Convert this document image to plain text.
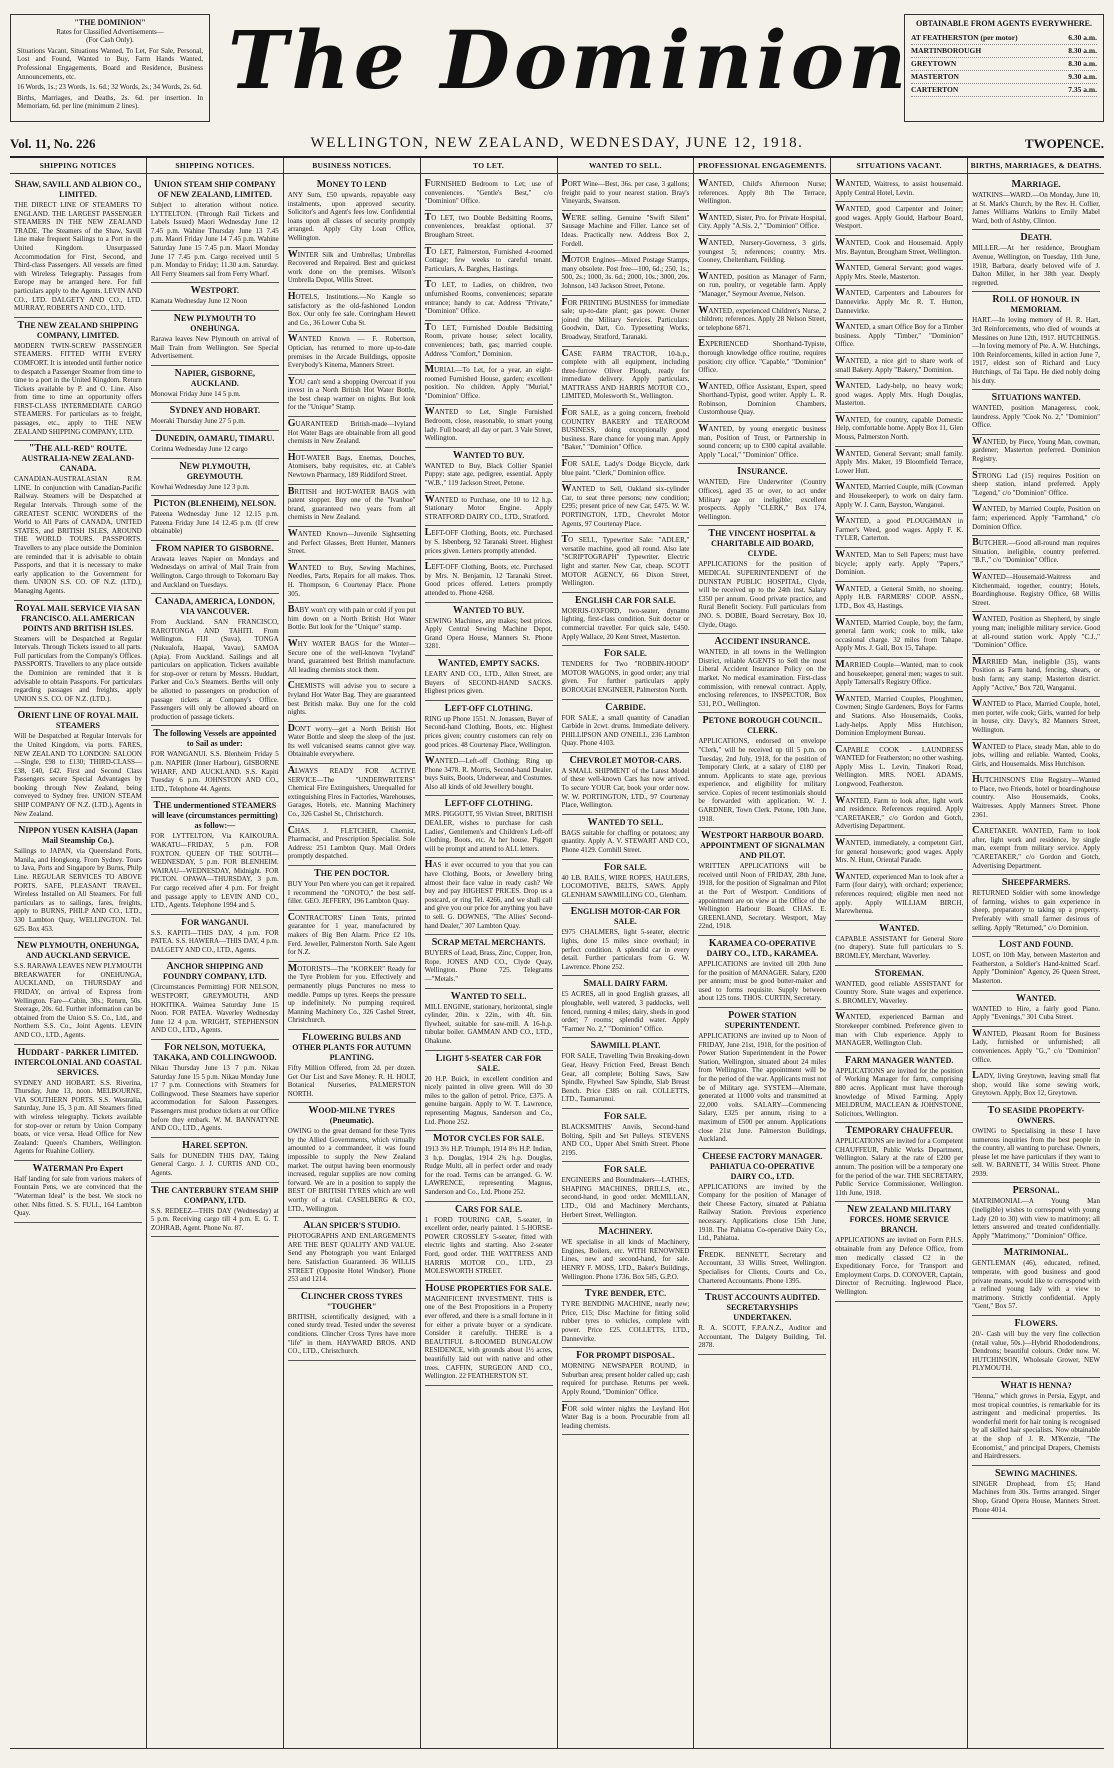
"THE DOMINION"
Rates for Classified Advertisements—
(For Cash Only).

Situations Vacant, Situations Wanted, To Let, For Sale, Personal, Lost and Found, Wanted to Buy, Farm Hands Wanted, Professional Engagements, Board and Residence, Business Announcements, etc.

16 Words, 1s.; 23 Words, 1s. 6d.; 32 Words, 2s.; 34 Words, 2s. 6d.

Births, Marriages, and Deaths, 2s. 6d. per insertion. In Memoriam, 6d. per line (minimum 2 lines).	The Dominion OBTAINABLE FROM AGENTS EVERYWHERE.
AT FEATHERSTON (per motor)	6.30 a.m.
MARTINBOROUGH	8.30 a.m.
GREYTOWN	8.30 a.m.
MASTERTON	9.30 a.m.
CARTERTON	7.35 a.m.
Vol. 11, No. 226	WELLINGTON, NEW ZEALAND, WEDNESDAY, JUNE 12, 1918.	TWOPENCE.
SHIPPING NOTICES
SHAW, SAVILL AND ALBION CO., LIMITED.
THE DIRECT LINE OF STEAMERS TO ENGLAND. THE LARGEST PASSENGER STEAMERS IN THE NEW ZEALAND TRADE. The Steamers of the Shaw, Savill Line make frequent Sailings to a Port in the United Kingdom. Unsurpassed Accommodation for First, Second, and Third-class Passengers. All vessels are fitted with Wireless Telegraphy. Passages from Europe may be arranged here. For full particulars apply to the Agents. LEVIN AND CO., LTD. DALGETY AND CO., LTD. MURRAY, ROBERTS AND CO., LTD.
THE NEW ZEALAND SHIPPING COMPANY, LIMITED.
MODERN TWIN-SCREW PASSENGER STEAMERS. FITTED WITH EVERY COMFORT. It is intended until further notice to despatch a Passenger Steamer from time to time to a port in the United Kingdom. Return Tickets available by P. and O. Line. Also from time to time an opportunity offers FIRST-CLASS INTERMEDIATE CARGO STEAMERS. For particulars as to freight, passages, etc., apply to THE NEW ZEALAND SHIPPING COMPANY, LTD.
"THE ALL-RED" ROUTE. AUSTRALIA-NEW ZEALAND-CANADA.
CANADIAN-AUSTRALASIAN R.M. LINE. In conjunction with Canadian-Pacific Railway. Steamers will be Despatched at Regular Intervals. Through some of the GREATEST SCENIC WONDERS of the World to All Parts of CANADA, UNITED STATES, and BRITISH ISLES, AROUND THE WORLD TOURS. PASSPORTS. Travellers to any place outside the Dominion are reminded that it is advisable to obtain Passports, and that it is necessary to make early application to the Government for them. UNION S.S. CO. OF N.Z. (LTD.), Managing Agents.
ROYAL MAIL SERVICE VIA SAN FRANCISCO. ALL AMERICAN POINTS AND BRITISH ISLES.
Steamers will be Despatched at Regular Intervals. Through Tickets issued to all parts. Full particulars from the Company's Offices. PASSPORTS. Travellers to any place outside the Dominion are reminded that it is advisable to obtain Passports. For particulars regarding passages and freights, apply UNION S.S. CO. OF N.Z. (LTD.).
ORIENT LINE OF ROYAL MAIL STEAMERS
Will be Despatched at Regular Intervals for the United Kingdom, via ports. FARES, NEW ZEALAND TO LONDON: SALOON—Single, £98 to £130; THIRD-CLASS—£38, £40, £42. First and Second Class Passengers secure Special Advantages by booking through New Zealand, being conveyed to Sydney free. UNION STEAM SHIP COMPANY OF N.Z. (LTD.), Agents in New Zealand.
NIPPON YUSEN KAISHA (Japan Mail Steamship Co.).
Sailings to JAPAN, via Queensland Ports, Manila, and Hongkong. From Sydney. Tours to Java, Ports and Singapore by Burns, Philp Line. REGULAR SERVICES TO ABOVE PORTS. SAFE, PLEASANT TRAVEL. Wireless Installed on All Steamers. For full particulars as to sailings, fares, freights, apply to BURNS, PHILP AND CO., LTD., 330 Lambton Quay, WELLINGTON. Tel. 625. Box 453.
NEW PLYMOUTH, ONEHUNGA, AND AUCKLAND SERVICE.
S.S. RARAWA LEAVES NEW PLYMOUTH BREAKWATER for ONEHUNGA, AUCKLAND, on THURSDAY and FRIDAY, on arrival of Express from Wellington. Fare—Cabin, 30s.; Return, 50s. Steerage, 20s. 6d. Further information can be obtained from the Union S.S. Co., Ltd., and Northern S.S. Co., Joint Agents. LEVIN AND CO., LTD., Agents.
HUDDART - PARKER LIMITED. INTERCOLONIAL AND COASTAL SERVICES.
SYDNEY AND HOBART. S.S. Riverina, Thursday, June 13, noon. MELBOURNE, VIA SOUTHERN PORTS. S.S. Westralia, Saturday, June 15, 3 p.m. All Steamers fitted with wireless telegraphy. Tickets available for stop-over or return by Union Company boats, or vice versa. Head Office for New Zealand: Queen's Chambers, Wellington. Agents for Ruahine Colliery.
WATERMAN Pro Expert
Half landing for sale from various makers of Fountain Pens, we are convinced that the "Waterman Ideal" is the best. We stock no other. Nibs fitted. S. S. FULL, 164 Lambton Quay.
SHIPPING NOTICES.
UNION STEAM SHIP COMPANY OF NEW ZEALAND, LIMITED.
Subject to alteration without notice. LYTTELTON. (Through Rail Tickets and Labels Issued) Maori Wednesday June 12 7.45 p.m. Wahine Thursday June 13 7.45 p.m. Maori Friday June 14 7.45 p.m. Wahine Saturday June 15 7.45 p.m. Maori Monday June 17 7.45 p.m. Cargo received until 5 p.m. Monday to Friday; 11.30 a.m. Saturday. All Ferry Steamers sail from Ferry Wharf.
WESTPORT.
Kamata Wednesday June 12 Noon
NEW PLYMOUTH TO ONEHUNGA.
Rarawa leaves New Plymouth on arrival of Mail Train from Wellington. See Special Advertisement.
NAPIER, GISBORNE, AUCKLAND.
Monowai Friday June 14 5 p.m.
SYDNEY AND HOBART.
Moeraki Thursday June 27 5 p.m.
DUNEDIN, OAMARU, TIMARU.
Corinna Wednesday June 12 cargo
NEW PLYMOUTH, GREYMOUTH.
Kowhai Wednesday June 12 3 p.m.
PICTON (BLENHEIM), NELSON.
Pateena Wednesday June 12 12.15 p.m. Pateena Friday June 14 12.45 p.m. (If crew obtainable)
FROM NAPIER TO GISBORNE.
Arawata leaves Napier on Mondays and Wednesdays on arrival of Mail Train from Wellington. Cargo through to Tokomaru Bay and Auckland on Tuesdays.
CANADA, AMERICA, LONDON, VIA VANCOUVER.
From Auckland. SAN FRANCISCO, RAROTONGA AND TAHITI. From Wellington. FIJI (Suva), TONGA (Nukualofa, Haapai, Vavau), SAMOA (Apia). From Auckland. Sailings and all particulars on application. Tickets available for stop-over or return by Messrs. Huddart, Parker and Co.'s Steamers. Berths will only be allotted to passengers on production of passage tickets at Company's Office. Passengers will only be allowed aboard on production of passage tickets.
The following Vessels are appointed to Sail as under:
FOR WANGANUI. S.S. Blenheim Friday 5 p.m. NAPIER (Inner Harbour), GISBORNE WHARF, AND AUCKLAND. S.S. Kapiti Tuesday 6 p.m. JOHNSTON AND CO., LTD., Telephone 44. Agents.
THE undermentioned STEAMERS will leave (circumstances permitting) as follow:—
FOR LYTTELTON, Via KAIKOURA. WAKATU—FRIDAY, 5 p.m. FOR FOXTON. QUEEN OF THE SOUTH—WEDNESDAY, 5 p.m. FOR BLENHEIM. WAIRAU—WEDNESDAY, Midnight. FOR PICTON. OPAWA—THURSDAY, 3 p.m. For cargo received after 4 p.m. For freight and passage apply to LEVIN AND CO., LTD., Agents. Telephone 1994 and 5.
FOR WANGANUI.
S.S. KAPITI—THIS DAY, 4 p.m. FOR PATEA. S.S. HAWERA—THIS DAY, 4 p.m. DALGETY AND CO., LTD., Agents.
ANCHOR SHIPPING AND FOUNDRY COMPANY, LTD.
(Circumstances Permitting) FOR NELSON, WESTPORT, GREYMOUTH, AND HOKITIKA. Waimea Saturday June 15 Noon. FOR PATEA. Waverley Wednesday June 12 4 p.m. WRIGHT, STEPHENSON AND CO., LTD., Agents.
FOR NELSON, MOTUEKA, TAKAKA, AND COLLINGWOOD.
Nikau Thursday June 13 7 p.m. Nikau Saturday June 15 5 p.m. Nikau Monday June 17 7 p.m. Connections with Steamers for Collingwood. These Steamers have superior accommodation for Saloon Passengers. Passengers must produce tickets at our Office before they embark. W. M. BANNATYNE AND CO., LTD., Agents.
HAREL SEPTON.
Sails for DUNEDIN THIS DAY, Taking General Cargo. J. J. CURTIS AND CO., Agents.
THE CANTERBURY STEAM SHIP COMPANY, LTD.
S.S. REDEEZ—THIS DAY (Wednesday) at 5 p.m. Receiving cargo till 4 p.m. E. G. T. ZOHRAB, Agent. Phone No. 87.
BUSINESS NOTICES.
MONEY TO LEND
ANY Sum, £50 upwards, repayable easy instalments, upon approved security. Solicitor's and Agent's fees low. Confidential loans upon all classes of security promptly arranged. Apply City Loan Office, Wellington.
WINTER Silk and Umbrellas; Umbrellas Recovered and Repaired. Best and quickest work done on the premises. Wilson's Umbrella Depot, Willis Street.
HOTELS, Institutions.—No Kangle so satisfactory as the old-fashioned London Box. Our only fee sale. Corringham Hewett and Co., 36 Lower Cuba St.
WANTED Known — F. Robertson, Optician, has returned to more up-to-date premises in the Arcade Buildings, opposite Everybody's Kinema, Manners Street.
YOU can't send a shopping Overcoat if you invest in a North British Hot Water Bottle, the best cheap warmer on nights. But look for the "Unique" Stamp.
GUARANTEED British-made—Ivyland Hot Water Bags are obtainable from all good chemists in New Zealand.
HOT-WATER Bags, Enemas, Douches, Atomisers, baby requisites, etc. at Cable's Newtown Pharmacy, 189 Riddiford Street.
BRITISH and HOT-WATER BAGS with patent stopper. Buy one of the "Ivanhoe" brand, guaranteed two years from all chemists in New Zealand.
WANTED Known—Juvenile Sightsetting and Perfect Glasses, Brett Hunter, Manners Street.
WANTED to Buy, Sewing Machines, Needles, Parts, Repairs for all makes. Thos. H. Thompson, 6 Courtenay Place. Phone 305.
BABY won't cry with pain or cold if you put him down on a North British Hot Water Bottle. But look for the "Unique" stamp.
WHY WATER BAGS for the Winter—Secure one of the well-known "Ivyland" brand, guaranteed best British manufacture. All leading chemists stock them.
CHEMISTS will advise you to secure a Ivyland Hot Water Bag. They are guaranteed best British make. Buy one for the cold nights.
DON'T worry—get a North British Hot Water Bottle and sleep the sleep of the just. Its well vulcanised seams cannot give way. Obtainable everywhere.
ALWAYS READY FOR ACTIVE SERVICE—The "UNDERWRITERS" Chemical Fire Extinguishers, Unequalled for extinguishing Fires in Factories, Warehouses, Garages, Hotels, etc. Manning Machinery Co., 326 Cashel St., Christchurch.
CHAS. J. FLETCHER, Chemist, Pharmacist, and Prescription Specialist. Sole Address: 251 Lambton Quay. Mail Orders promptly despatched.
THE PEN DOCTOR.
BUY Your Pen where you can get it repaired. I recommend the "ONOTO," the best self-filler. GEO. JEFFERY, 196 Lambton Quay.
CONTRACTORS' Linen Tents, printed guarantee for 1 year, manufactured by makers of Big Ben Alarm. Price £2 10s. Ferd. Jeweller, Palmerston North. Sale Agent for N.Z.
MOTORISTS—The "KORKER" Ready for the Tyre Problem for you. Effectively and permanently plugs Punctures no mess to meddle. Pumps up tyres. Keeps the pressure up indefinitely. No pumping required. Manning Machinery Co., 326 Cashel Street, Christchurch.
FLOWERING BULBS AND OTHER PLANTS FOR AUTUMN PLANTING.
Fifty Million Offered, from 2d. per dozen. Get Our List and Save Money. R. H. HOLT, Botanical Nurseries, PALMERSTON NORTH.
WOOD-MILNE TYRES (Pneumatic).
OWING to the great demand for these Tyres by the Allied Governments, which virtually amounted to a commandeer, it was found impossible to supply the New Zealand market. The output having been enormously increased, regular supplies are now coming forward. We are in a position to supply the BEST OF BRITISH TYRES which are well worthy of a trial. CASELBERG & CO., LTD., Wellington.
ALAN SPICER'S STUDIO.
PHOTOGRAPHS AND ENLARGEMENTS ARE THE BEST QUALITY AND VALUE. Send any Photograph you want Enlarged here. Satisfaction Guaranteed. 36 WILLIS STREET (Opposite Hotel Windsor). Phone 253 and 1214.
CLINCHER CROSS TYRES "TOUGHER"
BRITISH, scientifically designed, with a coned sturdy tread. Tested under the severest conditions. Clincher Cross Tyres have more "life" in them. HAYWARD BROS. AND CO., LTD., Christchurch.
TO LET.
FURNISHED Bedroom to Let; use of conveniences. "Gentle's Best," c/o "Dominion" Office.
TO LET, two Double Bedsitting Rooms, conveniences, breakfast optional. 37 Brougham Street.
TO LET, Palmerston, Furnished 4-roomed Cottage; few weeks to careful tenant. Particulars, A. Barghes, Hastings.
TO LET, to Ladies, on children, two unfurnished Rooms, conveniences; separate entrance; handy to car. Address "Private," "Dominion" Office.
TO LET, Furnished Double Bedsitting Room, private house; select locality, conveniences; bath, gas; married couple. Address "Comfort," Dominion.
MURIAL—To Let, for a year, an eight-roomed Furnished House, garden; excellent position. No children. Apply "Murial," "Dominion" Office.
WANTED to Let, Single Furnished Bedroom, close, reasonable, to smart young lady. Full board; all day or part. 3 Vale Street, Wellington.
WANTED TO BUY.
WANTED to Buy, Black Collier Spaniel Puppy; state age, pedigree, essential. Apply "W.B.," 119 Jackson Street, Petone.
WANTED to Purchase, one 10 to 12 h.p. Stationary Motor Engine. Apply STRATFORD DAIRY CO., LTD., Stratford.
LEFT-OFF Clothing, Boots, etc. Purchased by S. Isbenberg, 92 Taranaki Street. Highest prices given. Letters promptly attended.
LEFT-OFF Clothing, Boots, etc. Purchased by Mrs. N. Benjamin, 12 Taranaki Street. Good prices offered. Letters promptly attended to. Phone 4268.
WANTED TO BUY.
SEWING Machines, any makes; best prices. Apply Central Sewing Machine Depot, Grand Opera House, Manners St. Phone 3281.
WANTED, EMPTY SACKS.
LEARY AND CO., LTD., Allen Street, are Buyers of SECOND-HAND SACKS. Highest prices given.
LEFT-OFF CLOTHING.
RING up Phone 1551. N. Jonassen, Buyer of Second-hand Clothing, Boots, etc. Highest prices given; country customers can rely on good prices. 48 Courtenay Place, Wellington.
WANTED—Left-off Clothing; Ring up Phone 3478. R. Morris, Second-hand Dealer, buys Suits, Boots, Underwear, and Costumes. Also all kinds of old Jewellery bought.
LEFT-OFF CLOTHING.
MRS. PIGGOTT, 95 Vivian Street, BRITISH DEALER, wishes to purchase for cash Ladies', Gentlemen's and Children's Left-off Clothing, Boots, etc. At her house. Piggott will be prompt and attend to ALL letters.
HAS it ever occurred to you that you can have Clothing, Boots, or Jewellery bring almost their face value in ready cash? We buy and pay HIGHEST PRICES. Drop us a postcard, or ring Tel. 4266, and we shall call and give you our price for anything you have to sell. G. DOWNES, "The Allies' Second-hand Dealer," 307 Lambton Quay.
SCRAP METAL MERCHANTS.
BUYERS of Lead, Brass, Zinc, Copper, Iron, Rope. JONES AND CO., Clyde Quay, Wellington. Phone 725. Telegrams—"Metals."
WANTED TO SELL.
MILL ENGINE, stationary, horizontal, single cylinder, 20in. x 22in., with 4ft. 6in. flywheel, suitable for saw-mill. A 16-h.p. tubular boiler. GAMMAN AND CO., LTD., Ohakune.
LIGHT 5-SEATER CAR FOR SALE.
20 H.P. Buick, in excellent condition and nicely painted in olive green. Will do 30 miles to the gallon of petrol. Price, £375. A genuine bargain. Apply to W. T. Lawrence, representing Magnus, Sanderson and Co., Ltd. Phone 252.
MOTOR CYCLES FOR SALE.
1913 3½ H.P. Triumph, 1914 8½ H.P. Indian, 3 h.p. Douglas, 1914 2¾ h.p. Douglas, Rudge Multi, all in perfect order and ready for the road. Terms can be arranged. G. W. LAWRENCE, representing Magnus, Sanderson and Co., Ltd. Phone 252.
CARS FOR SALE.
1 FORD TOURING CAR, 5-seater, in excellent order, nearly painted. 1 5-HORSE-POWER CROSSLEY 5-seater, fitted with electric lights and starting. Also 2-seater Ford, good order. THE WATTRESS AND HARRIS MOTOR CO., LTD., 23 MOLESWORTH STREET.
HOUSE PROPERTIES FOR SALE.
MAGNIFICENT INVESTMENT. THIS is one of the Best Propositions in a Property ever offered, and there is a small fortune in it for either a private buyer or a syndicate. Consider it carefully. THERE is a BEAUTIFUL 8-ROOMED BUNGALOW RESIDENCE, with grounds about 1½ acres, beautifully laid out with native and other trees. CAFFIN, SURGEON AND CO., Wellington. 22 FEATHERSTON ST.
WANTED TO SELL.
PORT Wine—Best, 36s. per case, 3 gallons; freight paid to your nearest station. Bray's Vineyards, Swanson.
WE'RE selling, Genuine "Swift Silent" Sausage Machine and Filler. Lance set of Ideas. Practically new. Address Box 2, Fordell.
MOTOR Engines—Mixed Postage Stamps, many obsolete. Post free—100, 6d.; 250, 1s.; 500, 2s.; 1000, 3s. 6d.; 2000, 10s.; 3000, 20s. Johnson, 143 Jackson Street, Petone.
FOR PRINTING BUSINESS for immediate sale; up-to-date plant; gas power. Owner joined the Military Services. Particulars: Goodwin, Dart, Co. Typesetting Works, Broadway, Stratford, Taranaki.
CASE FARM TRACTOR, 10-h.p., complete with all equipment, including three-furrow Oliver Plough, ready for immediate delivery. Apply particulars, MATTRASS AND HARRIS MOTOR CO., LIMITED, Molesworth St., Wellington.
FOR SALE, as a going concern, freehold COUNTRY BAKERY and TEAROOM BUSINESS, doing exceptionally good business. Rare chance for young man. Apply "Baker," "Dominion" Office.
FOR SALE, Lady's Dodge Bicycle, dark blue paint. "Clerk," Dominion office.
WANTED to Sell, Oakland six-cylinder Car, to seat three persons; new condition; £295; present price of new Car, £475. W. W. PORTINGTON, LTD., Chevrolet Motor Agents, 97 Courtenay Place.
TO SELL, Typewriter Sale: "ADLER," versatile machine, good all round. Also late "SCRIPTOGRAPH" Typewriter. Electric light and starter. New Car, cheap. SCOTT MOTOR AGENCY, 66 Dixon Street, Wellington.
ENGLISH CAR FOR SALE.
MORRIS-OXFORD, two-seater, dynamo lighting, first-class condition. Suit doctor or commercial traveller. For quick sale, £450. Apply Wallace, 20 Kent Street, Masterton.
FOR SALE.
TENDERS for Two "ROBBIN-HOOD" MOTOR WAGONS, in good order; any trial given. For further particulars apply BOROUGH ENGINEER, Palmerston North.
CARBIDE.
FOR SALE, a small quantity of Canadian Carbide in 2cwt. drums. Immediate delivery. PHILLIPSON AND O'NEILL, 236 Lambton Quay. Phone 4103.
CHEVROLET MOTOR-CARS.
A SMALL SHIPMENT of the Latest Model of these well-known Cars has now arrived. To secure YOUR Car, book your order now. W. W. PORTINGTON, LTD., 97 Courtenay Place, Wellington.
WANTED TO SELL.
BAGS suitable for chaffing or potatoes; any quantity. Apply A. V. STEWART AND CO., Phone 4129. Cornhill Street.
FOR SALE.
40 LB. RAILS, WIRE ROPES, HAULERS, LOCOMOTIVE, BELTS, SAWS. Apply GLENHAM SAWMILLING CO., Glenham.
ENGLISH MOTOR-CAR FOR SALE.
£975 CHALMERS, light 5-seater, electric lights, done 15 miles since overhaul; in perfect condition. A splendid car in every detail. Further particulars from G. W. Lawrence. Phone 252.
SMALL DAIRY FARM.
£5 ACRES, all in good English grasses, all ploughable, well watered, 3 paddocks, well fenced, running 4 miles; dairy, sheds in good order; 7 rooms; splendid water. Apply "Farmer No. 2," "Dominion" Office.
SAWMILL PLANT.
FOR SALE, Travelling Twin Breaking-down Gear, Heavy Friction Feed, Breast Bench Gear, all complete; Bolting Saws, Saw Spindle, Flywheel Saw Spindle, Slab Breast Bench. Price £385 on rail. COLLETTS, LTD., Taumarunui.
FOR SALE.
BLACKSMITHS' Anvils, Second-hand Bolting, Spilt and Set Pulleys. STEVENS AND CO., Upper Abel Smith Street. Phone 2195.
FOR SALE.
ENGINEERS and Boundmakers—LATHES, SHAPING MACHINES, DRILLS, etc., second-hand, in good order. McMILLAN, LTD., Old and Machinery Merchants, Herbert Street, Wellington.
MACHINERY.
WE specialise in all kinds of Machinery, Engines, Boilers, etc. WITH RENOWNED Lines, new and second-hand, for sale. HENRY F. MOSS, LTD., Baker's Buildings, Wellington. Phone 1736. Box 585, G.P.O.
TYRE BENDER, ETC.
TYRE BENDING MACHINE, nearly new; Price, £15; Disc Machine for fitting solid rubber tyres to vehicles, complete with power. Price £25. COLLETTS, LTD., Dannevirke.
FOR PROMPT DISPOSAL.
MORNING NEWSPAPER ROUND, in Suburban area; present holder called up; cash required for purchase. Returns per week. Apply Round, "Dominion" Office.
FOR sold winter nights the Leyland Hot Water Bag is a boon. Procurable from all leading chemists.
PROFESSIONAL ENGAGEMENTS.
WANTED, Child's Afternoon Nurse; references. Apply 8th The Terrace, Wellington.
WANTED, Sister, Pro. for Private Hospital, City. Apply "A.Sis. 2," "Dominion" Office.
WANTED, Nursery-Governess, 3 girls, youngest 5; references; country. Mrs. Cooney, Cheltenham, Feilding.
WANTED, position as Manager of Farm, on run, poultry, or vegetable farm. Apply "Manager," Seymour Avenue, Nelson.
WANTED, experienced Children's Nurse, 2 children; references. Apply 28 Nelson Street, or telephone 6871.
EXPERIENCED Shorthand-Typiste, thorough knowledge office routine, requires position; city office. "Capable," "Dominion" Office.
WANTED, Office Assistant, Expert, speed Shorthand-Typist, good writer. Apply L. R. Robinson, Dominion Chambers, Customhouse Quay.
WANTED, by young energetic business man, Position of Trust, or Partnership in sound concern; up to £300 capital available. Apply "Local," "Dominion" Office.
INSURANCE.
WANTED, Fire Underwriter (Country Offices), aged 35 or over, to act under Military age or ineligible; excellent prospects. Apply "CLERK," Box 174, Wellington.
THE VINCENT HOSPITAL & CHARITABLE AID BOARD, CLYDE.
APPLICATIONS for the position of MEDICAL SUPERINTENDENT of the DUNSTAN PUBLIC HOSPITAL, Clyde, will be received up to the 24th inst. Salary £350 per annum. Good private practice, and Rural Benefit Society. Full particulars from JNO. S. DOBIE, Board Secretary, Box 10, Clyde, Otago.
ACCIDENT INSURANCE.
WANTED, in all towns in the Wellington District, reliable AGENTS to Sell the most Liberal Accident Insurance Policy on the market. No medical examination. First-class commission, with renewal contract. Apply, enclosing references, to INSPECTOR, Box 531, P.O., Wellington.
PETONE BOROUGH COUNCIL. CLERK.
APPLICATIONS, endorsed on envelope "Clerk," will be received up till 5 p.m. on Tuesday, 2nd July, 1918, for the position of Temporary Clerk, at a salary of £180 per annum. Applicants to state age, previous experience, and eligibility for military service. Copies of recent testimonials should be forwarded with application. W. J. GARDNER, Town Clerk. Petone, 10th June, 1918.
WESTPORT HARBOUR BOARD. APPOINTMENT OF SIGNALMAN AND PILOT.
WRITTEN APPLICATIONS will be received until Noon of FRIDAY, 28th June, 1918, for the position of Signalman and Pilot at the Port of Westport. Conditions of appointment are on view at the Office of the Wellington Harbour Board. CHAS. E. GREENLAND, Secretary. Westport, May 22nd, 1918.
KARAMEA CO-OPERATIVE DAIRY CO., LTD., KARAMEA.
APPLICATIONS are invited till 20th June for the position of MANAGER. Salary, £200 per annum; must be good butter-maker and used to forms requisite. Supply between about 125 tons. THOS. CURTIN, Secretary.
POWER STATION SUPERINTENDENT.
APPLICATIONS are invited up to Noon of FRIDAY, June 21st, 1918, for the position of Power Station Superintendent in the Power Station, Wellington, situated about 24 miles from Wellington. The appointment will be for the period of the war. Applicants must not be of Military age. SYSTEM—Alternate, generated at 11000 volts and transmitted at 22,000 volts. SALARY—Commencing Salary, £325 per annum, rising to a maximum of £500 per annum. Applications close 21st June. Palmerston Buildings, Auckland.
CHEESE FACTORY MANAGER. PAHIATUA CO-OPERATIVE DAIRY CO., LTD.
APPLICATIONS are invited by the Company for the position of Manager of their Cheese Factory, situated at Pahiatua Railway Station. Previous experience necessary. Applications close 15th June, 1918. The Pahiatua Co-operative Dairy Co., Ltd., Pahiatua.
FREDK. BENNETT, Secretary and Accountant, 33 Willis Street, Wellington. Specialises for Clients, Courts and Co., Chartered Accountants. Phone 1395.
TRUST ACCOUNTS AUDITED. SECRETARYSHIPS UNDERTAKEN.
R. A. SCOTT, F.P.A.N.Z., Auditor and Accountant, The Dalgety Building, Tel. 2878.
SITUATIONS VACANT.
WANTED, Waitress, to assist housemaid. Apply Central Hotel, Levin.
WANTED, good Carpenter and Joiner; good wages. Apply Gould, Harbour Board, Westport.
WANTED, Cook and Housemaid. Apply Mrs. Bayntun, Brougham Street, Wellington.
WANTED, General Servant; good wages. Apply Mrs. Steele, Masterton.
WANTED, Carpenters and Labourers for Dannevirke. Apply Mr. R. T. Hutton, Dannevirke.
WANTED, a smart Office Boy for a Timber business. Apply "Timber," "Dominion" Office.
WANTED, a nice girl to share work of small Bakery. Apply "Bakery," Dominion.
WANTED, Lady-help, no heavy work; good wages. Apply Mrs. Hugh Douglas, Masterton.
WANTED, for country, capable Domestic Help, comfortable home. Apply Box 11, Glen Mouss, Palmerston North.
WANTED, General Servant; small family. Apply Mrs. Maker, 19 Bloomfield Terrace, Lower Hutt.
WANTED, Married Couple, milk (Cowman and Housekeeper), to work on dairy farm. Apply W. J. Cann, Bayston, Wanganui.
WANTED, a good PLOUGHMAN in Farmer's Weed, good wages. Apply F. K. TYLER, Carterton.
WANTED, Man to Sell Papers; must have bicycle; apply early. Apply "Papers," Dominion.
WANTED, a General Smith, no shoeing. Apply H.B. FARMERS' COOP. ASSN., LTD., Box 43, Hastings.
WANTED, Married Couple, boy; the farm, general farm work; cook to milk, take occasional charge. 32 miles from Tahape. Apply Mrs. J. Gall, Box 15, Tahape.
MARRIED Couple—Wanted, man to cook and housekeeper, general men; wages to suit. Apply Tattersall's Registry Office.
WANTED, Married Couples, Ploughmen, Cowmen; Single Gardeners, Boys for Farms and Stations. Also Housemaids, Cooks, Lady-helps. Apply Miss Hutchison, Dominion Employment Bureau.
CAPABLE COOK - LAUNDRESS WANTED for Featherston; no other washing. Apply Miss L. Levin, Tinakori Road, Wellington. MRS. NOEL ADAMS, Longwood, Featherston.
WANTED, Farm to look after, light work and residence. References required. Apply "CARETAKER," c/o Gordon and Gotch, Advertising Department.
WANTED, immediately, a competent Girl, for general housework; good wages. Apply Mrs. N. Hunt, Oriental Parade.
WANTED, experienced Man to look after a Farm (four dairy), with orchard; experience; references required; eligible men need not apply. Apply WILLIAM BIRCH, Marewhenua.
WANTED.
CAPABLE ASSISTANT for General Store (no drapery). State full particulars to S. BROMLEY, Merchant, Waverley.
STOREMAN.
WANTED, good reliable ASSISTANT for Country Store. State wages and experience. S. BROMLEY, Waverley.
WANTED, experienced Barman and Storekeeper combined. Preference given to man with Club experience. Apply to MANAGER, Wellington Club.
FARM MANAGER WANTED.
APPLICATIONS are invited for the position of Working Manager for farm, comprising 880 acres. Applicant must have thorough knowledge of Mixed Farming. Apply MELDRUM, MACLEAN & JOHNSTONE, Solicitors, Wellington.
TEMPORARY CHAUFFEUR.
APPLICATIONS are invited for a Competent CHAUFFEUR, Public Works Department, Wellington. Salary at the rate of £200 per annum. The position will be a temporary one for the period of the war. THE SECRETARY, Public Service Commissioner, Wellington. 11th June, 1918.
NEW ZEALAND MILITARY FORCES. HOME SERVICE BRANCH.
APPLICATIONS are invited on Form P.H.S. obtainable from any Defence Office, from men medically classed C2 in the Expeditionary Force, for Transport and Employment Corps. D. CONOVER, Captain, Director of Recruiting. Inglewood Place, Wellington.
BIRTHS, MARRIAGES, & DEATHS.
MARRIAGE.
WATKINS—WARD.—On Monday, June 10, at St. Mark's Church, by the Rev. H. Collier, James Williams Watkins to Emily Mabel Ward, both of Ashby, Clinton.
DEATH.
MILLER.—At her residence, Brougham Avenue, Wellington, on Tuesday, 11th June, 1918, Barbara, dearly beloved wife of J. Dalton Miller, in her 38th year. Deeply regretted.
ROLL OF HONOUR. IN MEMORIAM.
HART.—In loving memory of H. R. Hart, 3rd Reinforcements, who died of wounds at Messines on June 12th, 1917. HUTCHINGS.—In loving memory of Pte. A. W. Hutchings, 10th Reinforcements, killed in action June 7, 1917, eldest son of Richard and Lucy Hutchings, of Tai Tapu. He died nobly doing his duty.
SITUATIONS WANTED.
WANTED, position Manageress, cook, laundress. Apply "Cook No. 2," "Dominion" Office.
WANTED, by Piece, Young Man, cowman, gardener; Masterton preferred. Dominion Registry.
STRONG Lad (15) requires Position on sheep station, inland preferred. Apply "Legend," c/o "Dominion" Office.
WANTED, by Married Couple, Position on farm; experienced. Apply "Farmhand," c/o Dominion Office.
BUTCHER.—Good all-round man requires Situation, ineligible, country preferred. "B.F.," c/o "Dominion" Office.
WANTED—Housemaid-Waitress and Kitchenmaid, together, country; Hotels, Boardinghouse. Registry Office, 68 Willis Street.
WANTED, Position as Shepherd, by single young man; ineligible military service. Good at all-round station work. Apply "C.J.," "Dominion" Office.
MARRIED Man, ineligible (35), wants Position as Farm hand, fencing, shears, or bush farm; any stamp; Masterton district. Apply "Active," Box 720, Wanganui.
WANTED to Place, Married Couple, hotel, men porter, wife cook; Girls, wanted for help in house, city. Davy's, 82 Manners Street, Wellington.
WANTED to Place, steady Man, able to do jobs, willing and reliable. Wanted, Cooks, Girls, and Housemaids. Miss Hutchison.
HUTCHINSON'S Elite Registry—Wanted to Place, two Friends, hotel or boardinghouse country. Also Housemaids, Cooks, Waitresses. Apply Manners Street. Phone 2361.
CARETAKER. WANTED, Farm to look after, light work and residence, by single man, exempt from military service. Apply "CARETAKER," c/o Gordon and Gotch, Advertising Department.
SHEEPFARMERS.
RETURNED Soldier with some knowledge of farming, wishes to gain experience in sheep, preparatory to taking up a property. Preferably with small farmer desirous of selling. Apply "Returned," c/o Dominion.
LOST AND FOUND.
LOST, on 10th May, between Masterton and Featherston, a Soldier's Hand-knitted Scarf. Apply "Dominion" Agency, 26 Queen Street, Masterton.
WANTED.
WANTED to Hire, a fairly good Piano. Apply "Evenings," 301 Cuba Street.
WANTED, Pleasant Room for Business Lady, furnished or unfurnished; all conveniences. Apply "G.," c/o "Dominion" Office.
LADY, living Greytown, leaving small flat shop, would like some sewing work, Greytown. Apply, Box 12, Greytown.
TO SEASIDE PROPERTY-OWNERS.
OWING to Specialising in these I have numerous inquiries from the best people in the country, all wanting to purchase. Owners, please let me have particulars if they want to sell. W. BARNETT, 34 Willis Street. Phone 2939.
PERSONAL.
MATRIMONIAL—A Young Man (ineligible) wishes to correspond with young Lady (20 to 30) with view to matrimony; all letters answered and treated confidentially. Apply "Matrimony," "Dominion" Office.
MATRIMONIAL.
GENTLEMAN (46), educated, refined, temperate, with good business and good private means, would like to correspond with a refined young lady with a view to matrimony. Strictly confidential. Apply "Gent," Box 57.
FLOWERS.
20/- Cash will buy the very fine collection (retail value, 50s.)—Hybrid Rhododendrons, Dendrons; beautiful colours. Order now. W. HUTCHINSON, Wholesale Grower, NEW PLYMOUTH.
WHAT IS HENNA?
"Henna," which grows in Persia, Egypt, and most tropical countries, is remarkable for its astringent and medicinal properties. Its wonderful merit for hair toning is recognised by all skilled hair specialists. Now obtainable at the shop of J. R. M'Kenzie, "The Economist," and principal Drapers, Chemists and Hairdressers.
SEWING MACHINES.
SINGER Drophead, from £5; Hand Machines from 30s. Terms arranged. Singer Shop, Grand Opera House, Manners Street. Phone 4014.
